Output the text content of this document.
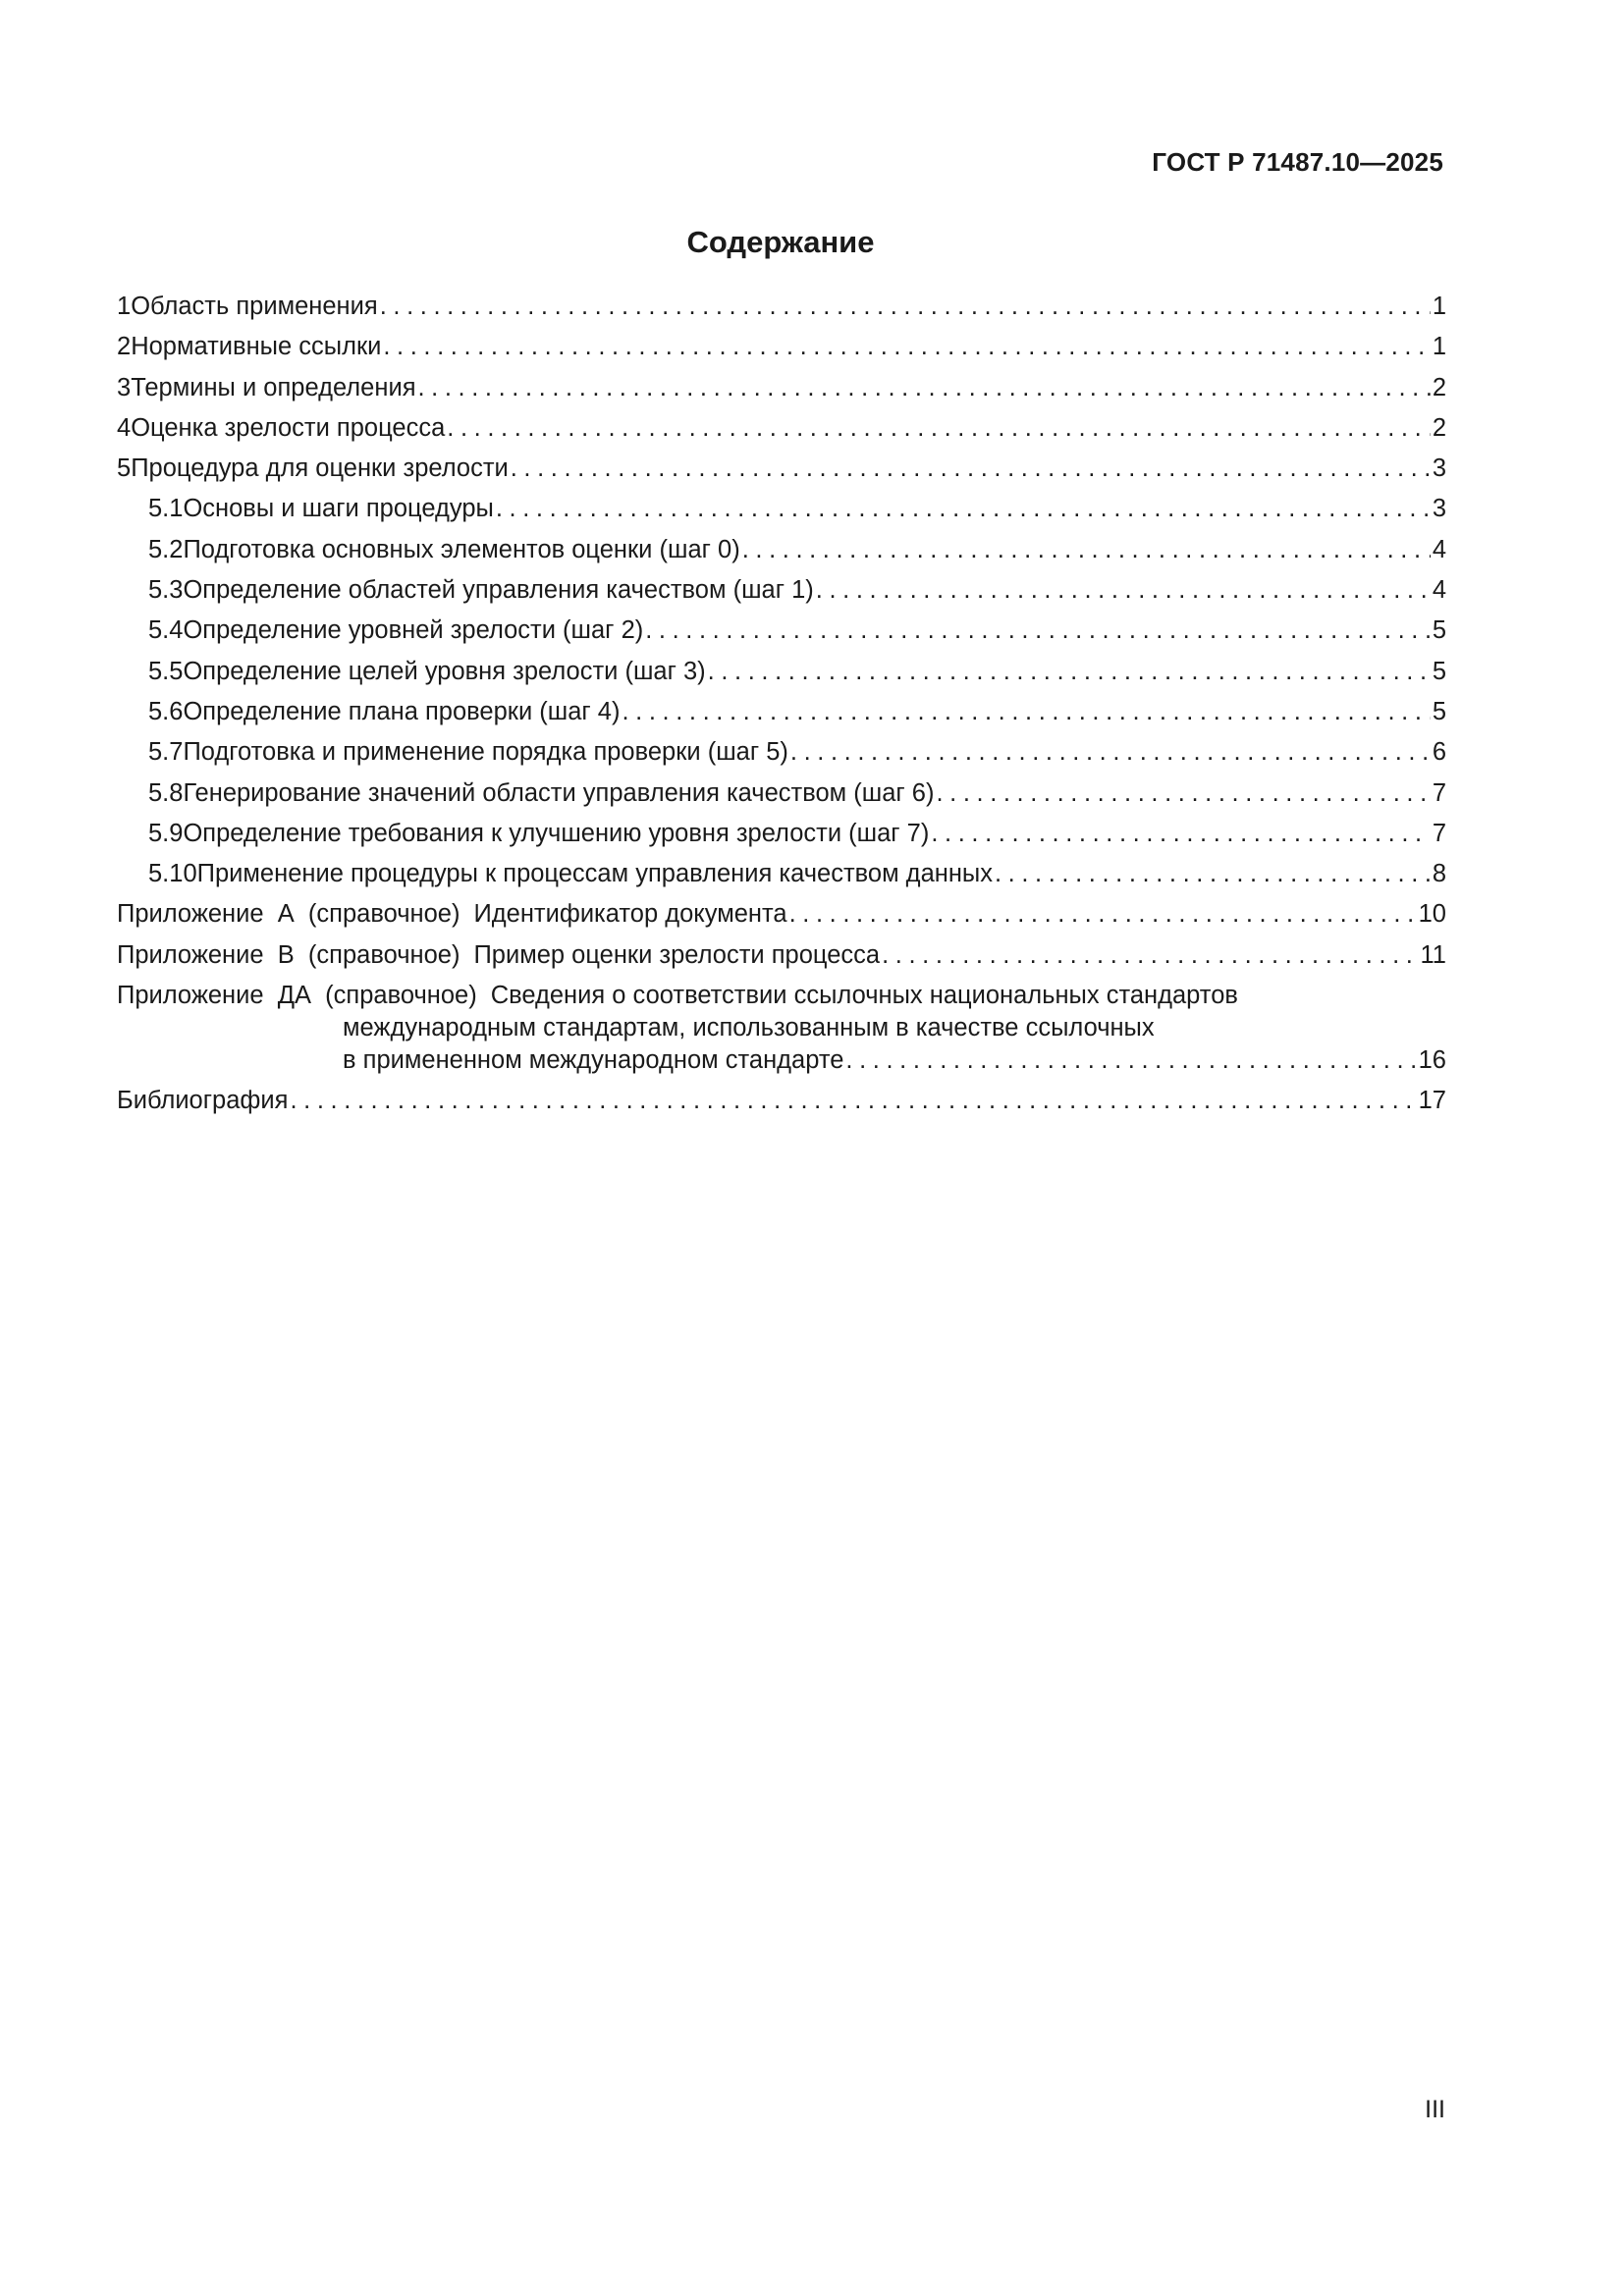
ГОСТ Р 71487.10—2025
Содержание
1 Область применения .....	1
2 Нормативные ссылки .....	1
3 Термины и определения .....	2
4 Оценка зрелости процесса .....	2
5 Процедура для оценки зрелости .....	3
5.1 Основы и шаги процедуры .....	3
5.2 Подготовка основных элементов оценки (шаг 0) .....	4
5.3 Определение областей управления качеством (шаг 1) .....	4
5.4 Определение уровней зрелости (шаг 2) .....	5
5.5 Определение целей уровня зрелости (шаг 3) .....	5
5.6 Определение плана проверки (шаг 4) .....	5
5.7 Подготовка и применение порядка проверки (шаг 5) .....	6
5.8 Генерирование значений области управления качеством (шаг 6) .....	7
5.9 Определение требования к улучшению уровня зрелости (шаг 7) .....	7
5.10 Применение процедуры к процессам управления качеством данных .....	8
Приложение  А  (справочное) Идентификатор документа .....	10
Приложение  В  (справочное) Пример оценки зрелости процесса .....	11
Приложение  ДА  (справочное) Сведения о соответствии ссылочных национальных стандартов
международным стандартам, использованным в качестве ссылочных
в примененном международном стандарте .....	16
Библиография .....	17
III
